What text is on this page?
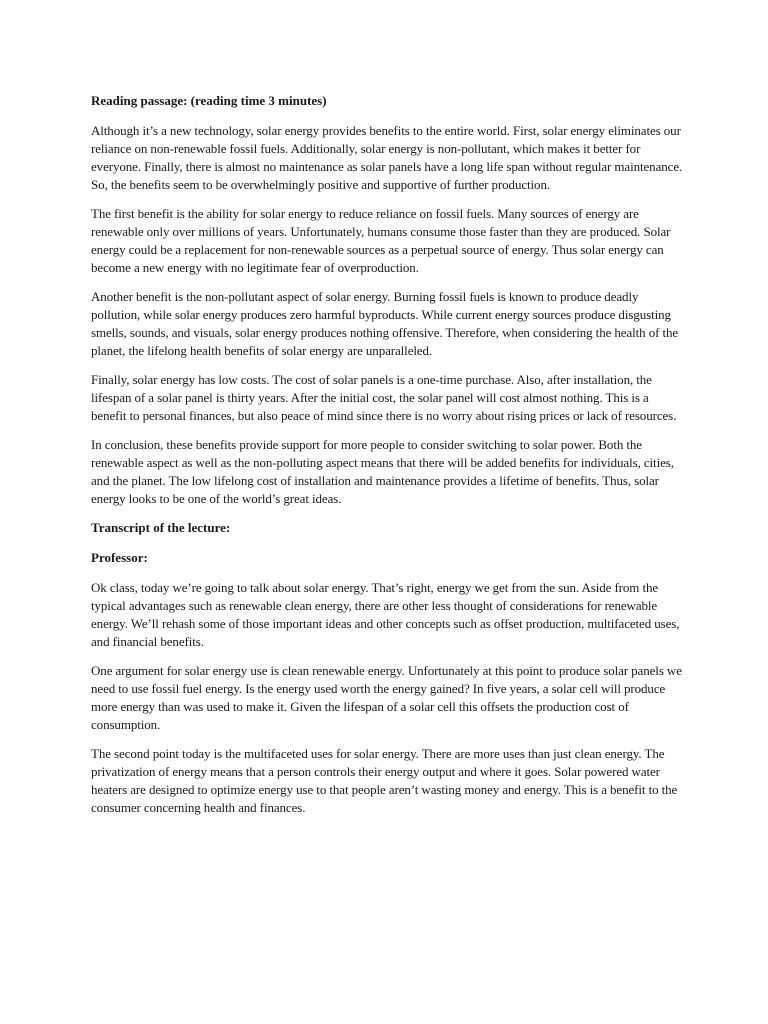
Reading passage: (reading time 3 minutes)

Although it’s a new technology, solar energy provides benefits to the entire world. First, solar energy eliminates our reliance on non-renewable fossil fuels. Additionally, solar energy is non-pollutant, which makes it better for everyone. Finally, there is almost no maintenance as solar panels have a long life span without regular maintenance. So, the benefits seem to be overwhelmingly positive and supportive of further production.

The first benefit is the ability for solar energy to reduce reliance on fossil fuels. Many sources of energy are renewable only over millions of years. Unfortunately, humans consume those faster than they are produced. Solar energy could be a replacement for non-renewable sources as a perpetual source of energy. Thus solar energy can become a new energy with no legitimate fear of overproduction.

Another benefit is the non-pollutant aspect of solar energy. Burning fossil fuels is known to produce deadly pollution, while solar energy produces zero harmful byproducts. While current energy sources produce disgusting smells, sounds, and visuals, solar energy produces nothing offensive. Therefore, when considering the health of the planet, the lifelong health benefits of solar energy are unparalleled.

Finally, solar energy has low costs. The cost of solar panels is a one-time purchase. Also, after installation, the lifespan of a solar panel is thirty years. After the initial cost, the solar panel will cost almost nothing. This is a benefit to personal finances, but also peace of mind since there is no worry about rising prices or lack of resources.

In conclusion, these benefits provide support for more people to consider switching to solar power. Both the renewable aspect as well as the non-polluting aspect means that there will be added benefits for individuals, cities, and the planet. The low lifelong cost of installation and maintenance provides a lifetime of benefits. Thus, solar energy looks to be one of the world’s great ideas.

Transcript of the lecture:

Professor:

Ok class, today we’re going to talk about solar energy. That’s right, energy we get from the sun. Aside from the typical advantages such as renewable clean energy, there are other less thought of considerations for renewable energy. We’ll rehash some of those important ideas and other concepts such as offset production, multifaceted uses, and financial benefits.

One argument for solar energy use is clean renewable energy. Unfortunately at this point to produce solar panels we need to use fossil fuel energy. Is the energy used worth the energy gained? In five years, a solar cell will produce more energy than was used to make it. Given the lifespan of a solar cell this offsets the production cost of consumption.

The second point today is the multifaceted uses for solar energy. There are more uses than just clean energy. The privatization of energy means that a person controls their energy output and where it goes. Solar powered water heaters are designed to optimize energy use to that people aren’t wasting money and energy. This is a benefit to the consumer concerning health and finances.
